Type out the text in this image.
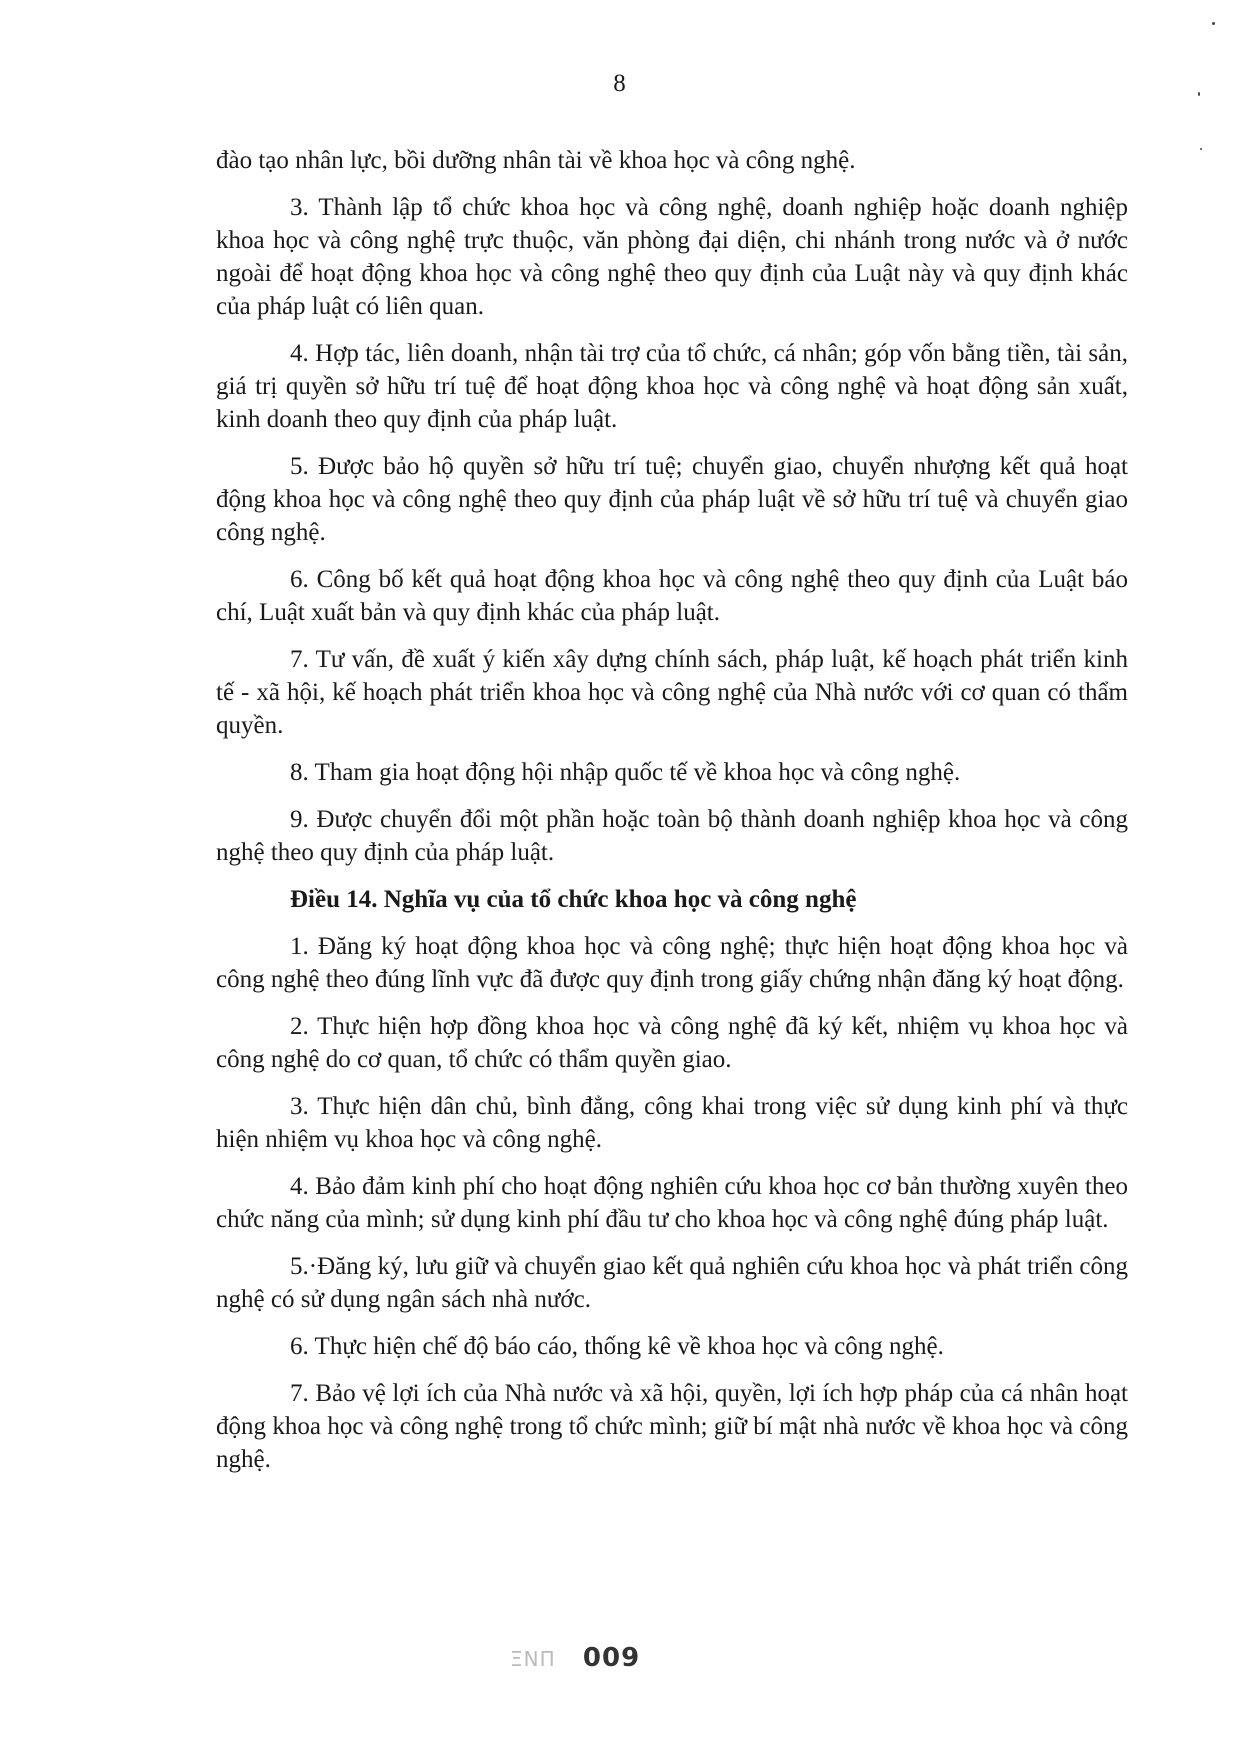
8

đào tạo nhân lực, bồi dưỡng nhân tài về khoa học và công nghệ.

3. Thành lập tổ chức khoa học và công nghệ, doanh nghiệp hoặc doanh nghiệp khoa học và công nghệ trực thuộc, văn phòng đại diện, chi nhánh trong nước và ở nước ngoài để hoạt động khoa học và công nghệ theo quy định của Luật này và quy định khác của pháp luật có liên quan.

4. Hợp tác, liên doanh, nhận tài trợ của tổ chức, cá nhân; góp vốn bằng tiền, tài sản, giá trị quyền sở hữu trí tuệ để hoạt động khoa học và công nghệ và hoạt động sản xuất, kinh doanh theo quy định của pháp luật.

5. Được bảo hộ quyền sở hữu trí tuệ; chuyển giao, chuyển nhượng kết quả hoạt động khoa học và công nghệ theo quy định của pháp luật về sở hữu trí tuệ và chuyển giao công nghệ.

6. Công bố kết quả hoạt động khoa học và công nghệ theo quy định của Luật báo chí, Luật xuất bản và quy định khác của pháp luật.

7. Tư vấn, đề xuất ý kiến xây dựng chính sách, pháp luật, kế hoạch phát triển kinh tế - xã hội, kế hoạch phát triển khoa học và công nghệ của Nhà nước với cơ quan có thẩm quyền.

8. Tham gia hoạt động hội nhập quốc tế về khoa học và công nghệ.

9. Được chuyển đổi một phần hoặc toàn bộ thành doanh nghiệp khoa học và công nghệ theo quy định của pháp luật.

Điều 14. Nghĩa vụ của tổ chức khoa học và công nghệ

1. Đăng ký hoạt động khoa học và công nghệ; thực hiện hoạt động khoa học và công nghệ theo đúng lĩnh vực đã được quy định trong giấy chứng nhận đăng ký hoạt động.

2. Thực hiện hợp đồng khoa học và công nghệ đã ký kết, nhiệm vụ khoa học và công nghệ do cơ quan, tổ chức có thẩm quyền giao.

3. Thực hiện dân chủ, bình đẳng, công khai trong việc sử dụng kinh phí và thực hiện nhiệm vụ khoa học và công nghệ.

4. Bảo đảm kinh phí cho hoạt động nghiên cứu khoa học cơ bản thường xuyên theo chức năng của mình; sử dụng kinh phí đầu tư cho khoa học và công nghệ đúng pháp luật.

5.·Đăng ký, lưu giữ và chuyển giao kết quả nghiên cứu khoa học và phát triển công nghệ có sử dụng ngân sách nhà nước.

6. Thực hiện chế độ báo cáo, thống kê về khoa học và công nghệ.

7. Bảo vệ lợi ích của Nhà nước và xã hội, quyền, lợi ích hợp pháp của cá nhân hoạt động khoa học và công nghệ trong tổ chức mình; giữ bí mật nhà nước về khoa học và công nghệ.

ΞΝΠ 009
